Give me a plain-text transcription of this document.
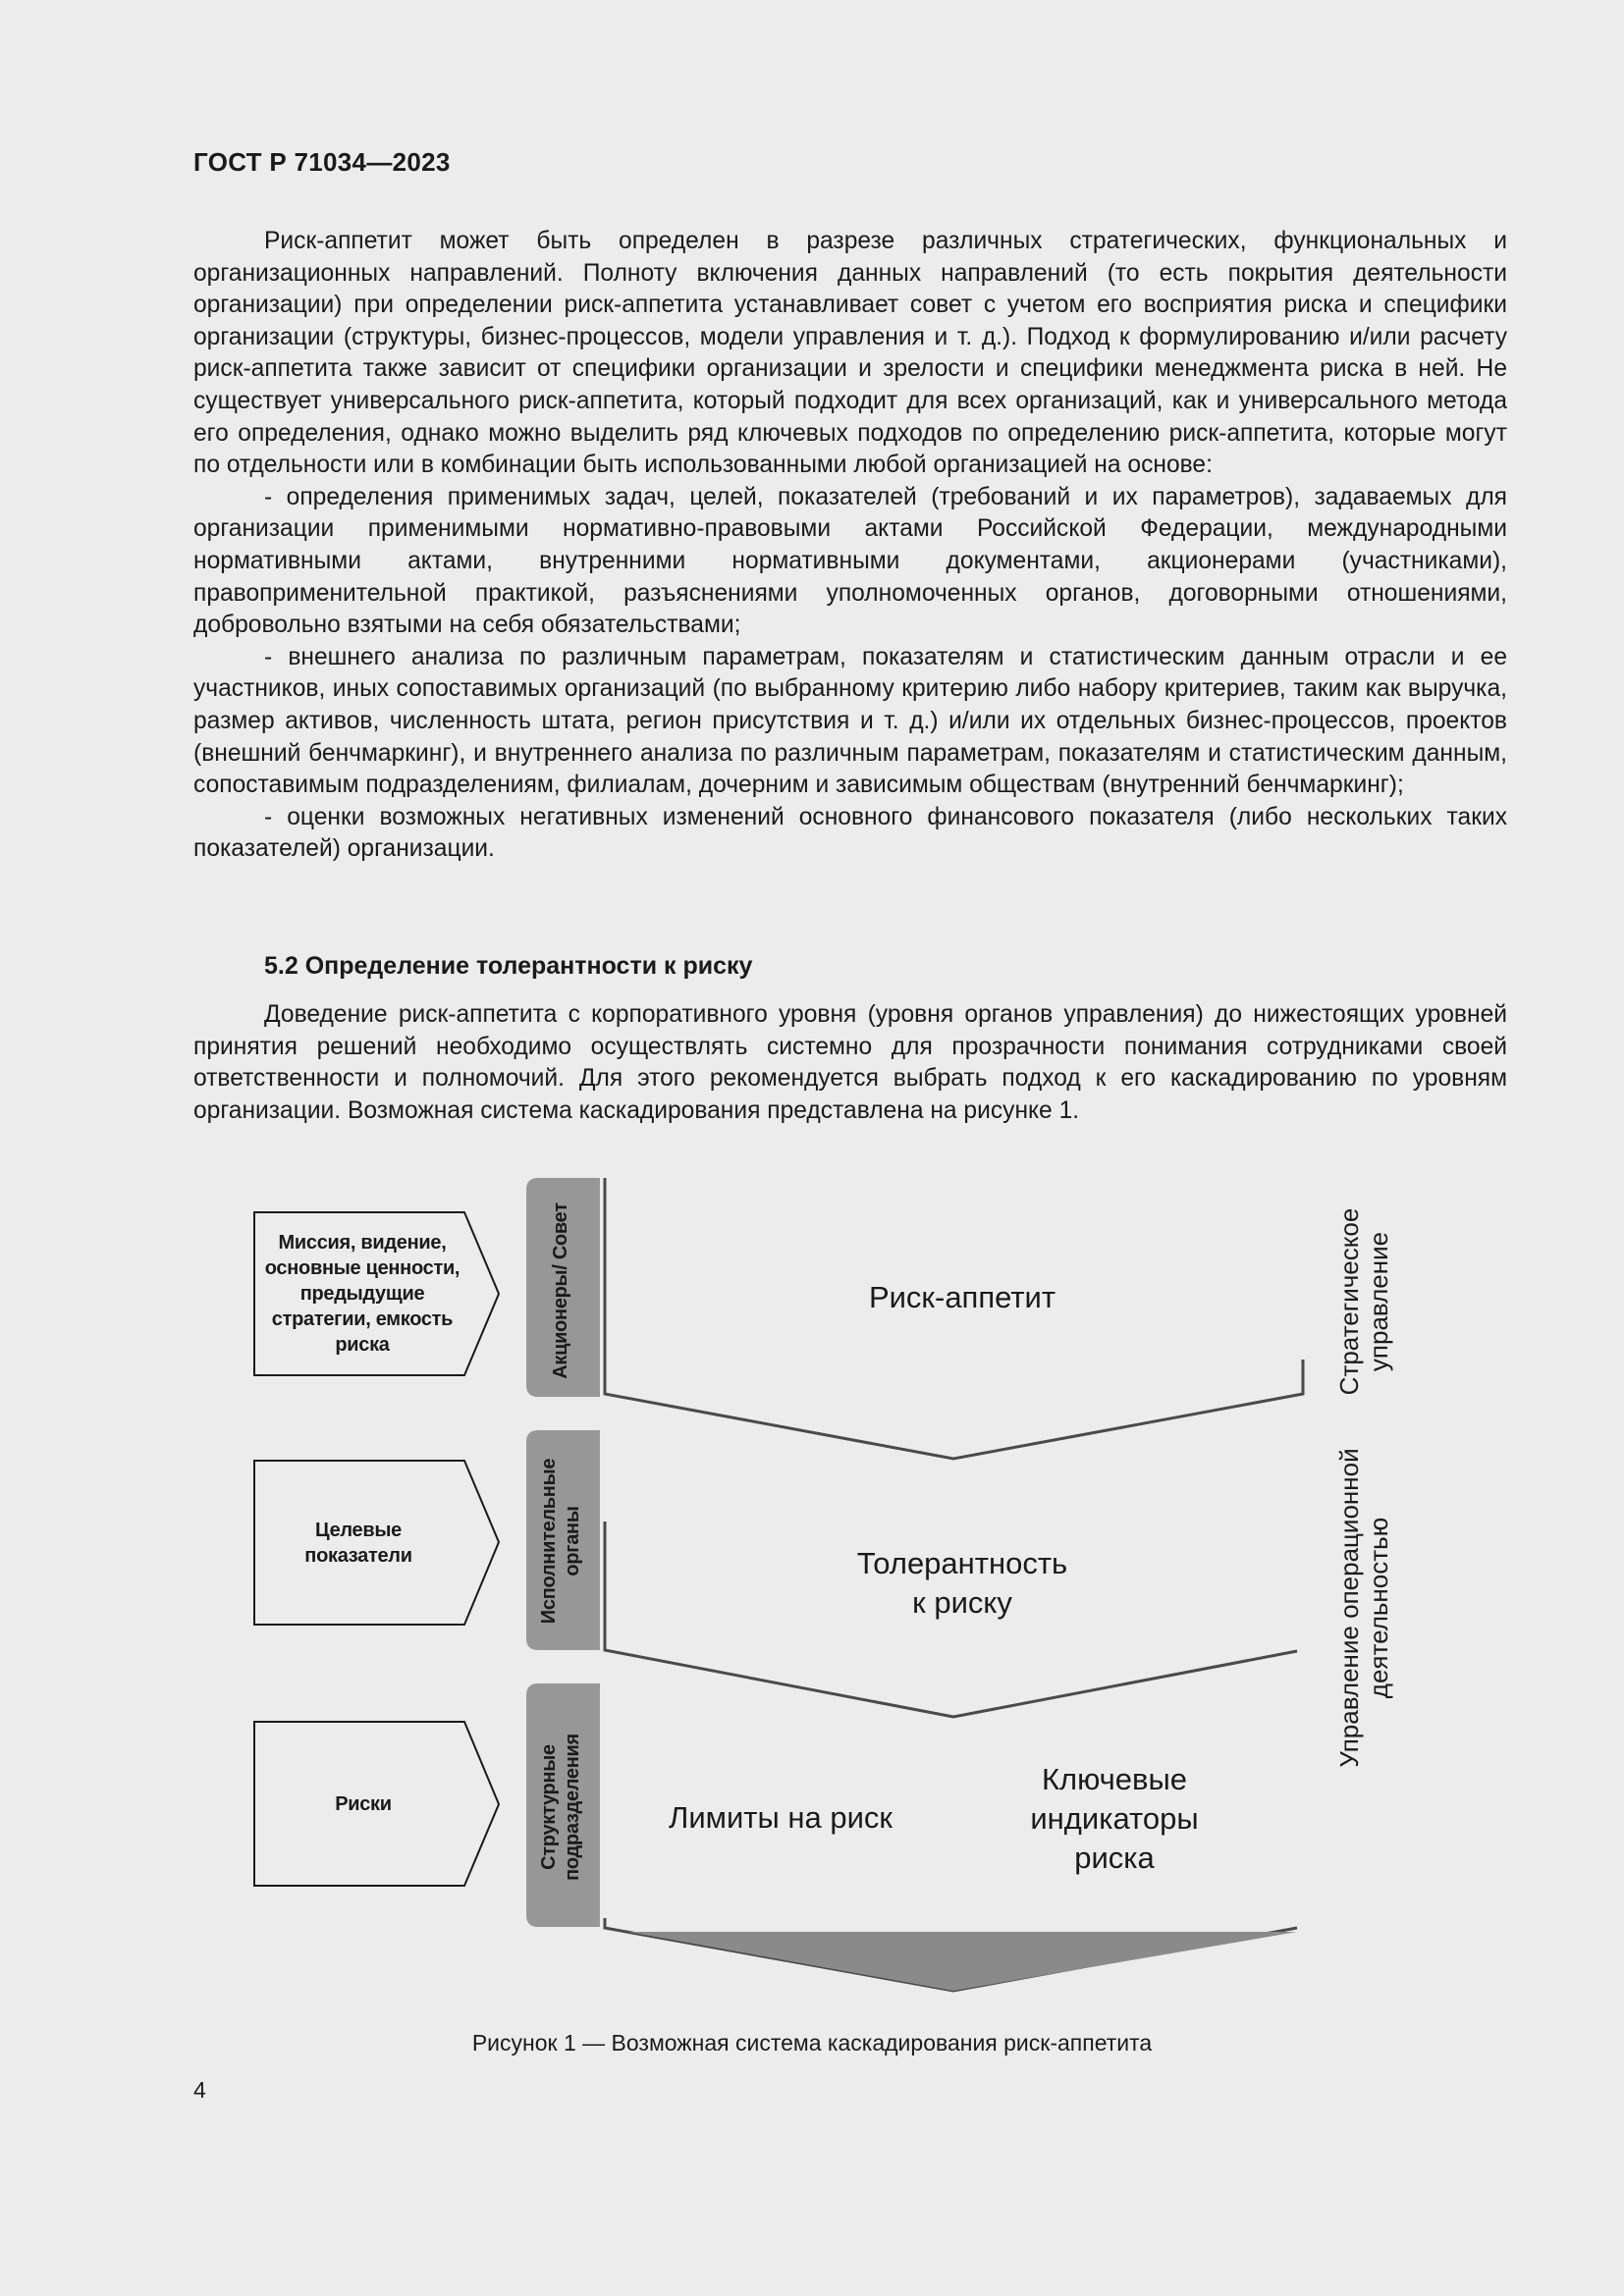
ГОСТ Р 71034—2023

Риск-аппетит может быть определен в разрезе различных стратегических, функциональных и организационных направлений. Полноту включения данных направлений (то есть покрытия деятельности организации) при определении риск-аппетита устанавливает совет с учетом его восприятия риска и специфики организации (структуры, бизнес-процессов, модели управления и т. д.). Подход к формулированию и/или расчету риск-аппетита также зависит от специфики организации и зрелости и специфики менеджмента риска в ней. Не существует универсального риск-аппетита, который подходит для всех организаций, как и универсального метода его определения, однако можно выделить ряд ключевых подходов по определению риск-аппетита, которые могут по отдельности или в комбинации быть использованными любой организацией на основе:

- определения применимых задач, целей, показателей (требований и их параметров), задаваемых для организации применимыми нормативно-правовыми актами Российской Федерации, международными нормативными актами, внутренними нормативными документами, акционерами (участниками), правоприменительной практикой, разъяснениями уполномоченных органов, договорными отношениями, добровольно взятыми на себя обязательствами;

- внешнего анализа по различным параметрам, показателям и статистическим данным отрасли и ее участников, иных сопоставимых организаций (по выбранному критерию либо набору критериев, таким как выручка, размер активов, численность штата, регион присутствия и т. д.) и/или их отдельных бизнес-процессов, проектов (внешний бенчмаркинг), и внутреннего анализа по различным параметрам, показателям и статистическим данным, сопоставимым подразделениям, филиалам, дочерним и зависимым обществам (внутренний бенчмаркинг);

- оценки возможных негативных изменений основного финансового показателя (либо нескольких таких показателей) организации.

5.2 Определение толерантности к риску

Доведение риск-аппетита с корпоративного уровня (уровня органов управления) до нижестоящих уровней принятия решений необходимо осуществлять системно для прозрачности понимания сотрудниками своей ответственности и полномочий. Для этого рекомендуется выбрать подход к его каскадированию по уровням организации. Возможная система каскадирования представлена на рисунке 1.

Миссия, видение, основные ценности, предыдущие стратегии, емкость риска
Целевые показатели
Риски
Акционеры/ Совет
Исполнительные органы
Структурные подразделения
Риск-аппетит
Толерантность
к риску
Лимиты на риск
Ключевые
индикаторы
риска
Стратегическое управление
Управление операционной деятельностью
Рисунок 1 — Возможная система каскадирования риск-аппетита
4
